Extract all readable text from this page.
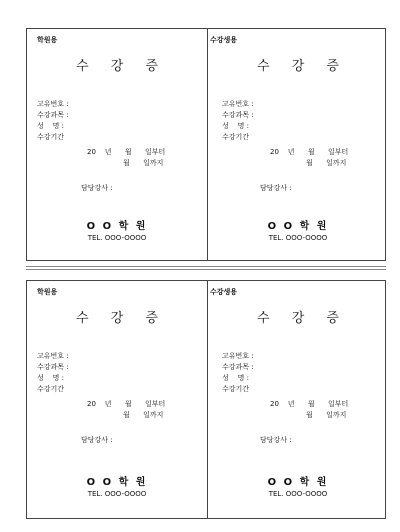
학원용
수 강 증
고유번호 :
수강과목 :
성    명 :
수강기간
20    년      월      일부터
월      일까지
담당강사 :
O O 학 원
TEL. OOO-OOOO
수강생용
수 강 증
고유번호 :
수강과목 :
성    명 :
수강기간
20    년      월      일부터
월      일까지
담당강사 :
O O 학 원
TEL. OOO-OOOO
학원용
수 강 증
고유번호 :
수강과목 :
성    명 :
수강기간
20    년      월      일부터
월      일까지
담당강사 :
O O 학 원
TEL. OOO-OOOO
수강생용
수 강 증
고유번호 :
수강과목 :
성    명 :
수강기간
20    년      월      일부터
월      일까지
담당강사 :
O O 학 원
TEL. OOO-OOOO
